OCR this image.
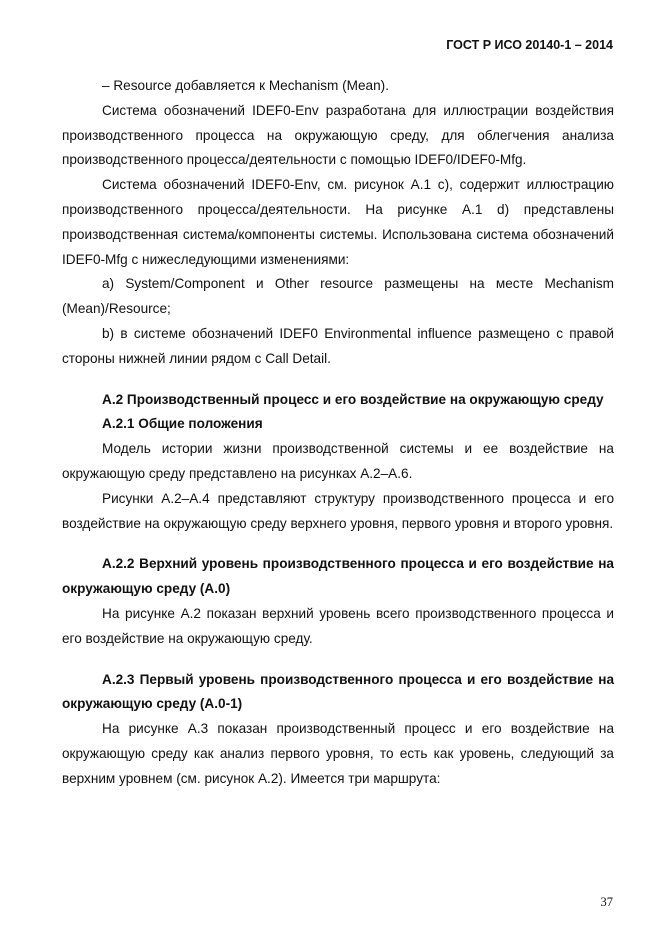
ГОСТ Р ИСО 20140-1 – 2014

– Resource добавляется к Mechanism (Mean).

Система обозначений IDEF0-Env разработана для иллюстрации воздействия производственного процесса на окружающую среду, для облегчения анализа производственного процесса/деятельности с помощью IDEF0/IDEF0-Mfg.

Система обозначений IDEF0-Env, см. рисунок А.1 с), содержит иллюстрацию производственного процесса/деятельности. На рисунке А.1 d) представлены производственная система/компоненты системы. Использована система обозначений IDEF0-Mfg с нижеследующими изменениями:

а) System/Component и Other resource размещены на месте Mechanism (Mean)/Resource;

b) в системе обозначений IDEF0 Environmental influence размещено с правой стороны нижней линии рядом с Call Detail.

А.2 Производственный процесс и его воздействие на окружающую среду

А.2.1 Общие положения

Модель истории жизни производственной системы и ее воздействие на окружающую среду представлено на рисунках А.2–А.6.

Рисунки А.2–А.4 представляют структуру производственного процесса и его воздействие на окружающую среду верхнего уровня, первого уровня и второго уровня.

А.2.2 Верхний уровень производственного процесса и его воздействие на окружающую среду (А.0)

На рисунке А.2 показан верхний уровень всего производственного процесса и его воздействие на окружающую среду.

А.2.3 Первый уровень производственного процесса и его воздействие на окружающую среду (А.0-1)

На рисунке А.3 показан производственный процесс и его воздействие на окружающую среду как анализ первого уровня, то есть как уровень, следующий за верхним уровнем (см. рисунок А.2). Имеется три маршрута:

37
